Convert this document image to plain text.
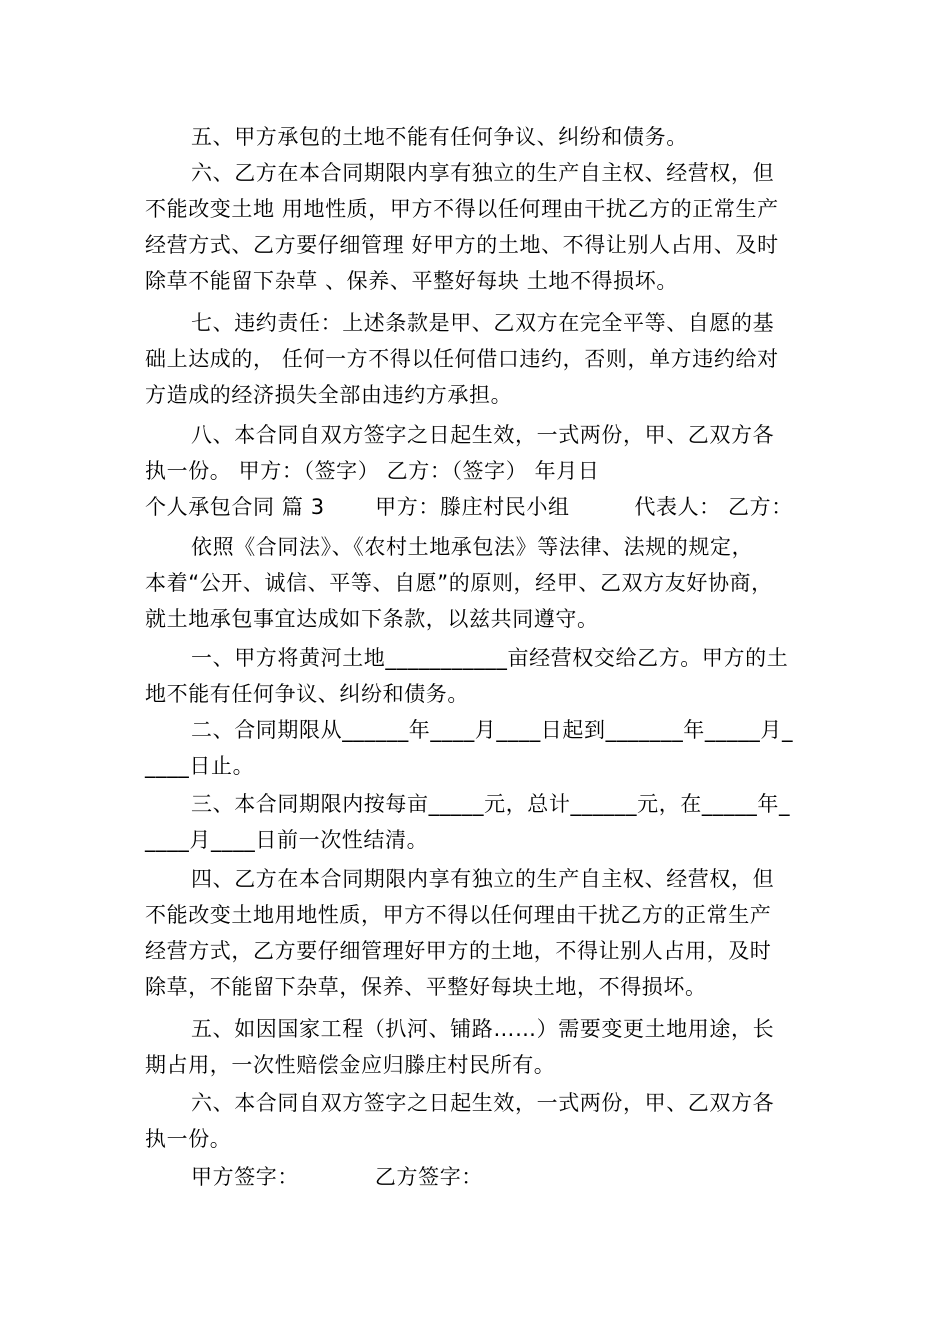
五、甲方承包的土地不能有任何争议、纠纷和债务。
六、乙方在本合同期限内享有独立的生产自主权、经营权，但
不能改变土地 用地性质，甲方不得以任何理由干扰乙方的正常生产
经营方式、乙方要仔细管理 好甲方的土地、不得让别人占用、及时
除草不能留下杂草 、保养、平整好每块 土地不得损坏。
七、违约责任：上述条款是甲、乙双方在完全平等、自愿的基
础上达成的， 任何一方不得以任何借口违约，否则，单方违约给对
方造成的经济损失全部由违约方承担。
八、本合同自双方签字之日起生效，一式两份，甲、乙双方各
执一份。 甲方：（签字） 乙方：（签字） 年月日
个人承包合同 篇 3　　 甲方：滕庄村民小组　　　代表人： 乙方：
依照《合同法》、《农村土地承包法》等法律、法规的规定，
本着“公开、诚信、平等、自愿”的原则，经甲、乙双方友好协商，
就土地承包事宜达成如下条款，以兹共同遵守。
一、甲方将黄河土地___________亩经营权交给乙方。甲方的土
地不能有任何争议、纠纷和债务。
二、合同期限从______年____月____日起到_______年_____月_
____日止。
三、本合同期限内按每亩_____元，总计______元，在_____年_
____月____日前一次性结清。
四、乙方在本合同期限内享有独立的生产自主权、经营权，但
不能改变土地用地性质，甲方不得以任何理由干扰乙方的正常生产
经营方式，乙方要仔细管理好甲方的土地，不得让别人占用，及时
除草，不能留下杂草，保养、平整好每块土地，不得损坏。
五、如因国家工程（扒河、铺路……）需要变更土地用途，长
期占用，一次性赔偿金应归滕庄村民所有。
六、本合同自双方签字之日起生效，一式两份，甲、乙双方各
执一份。
甲方签字：　　　　乙方签字：
